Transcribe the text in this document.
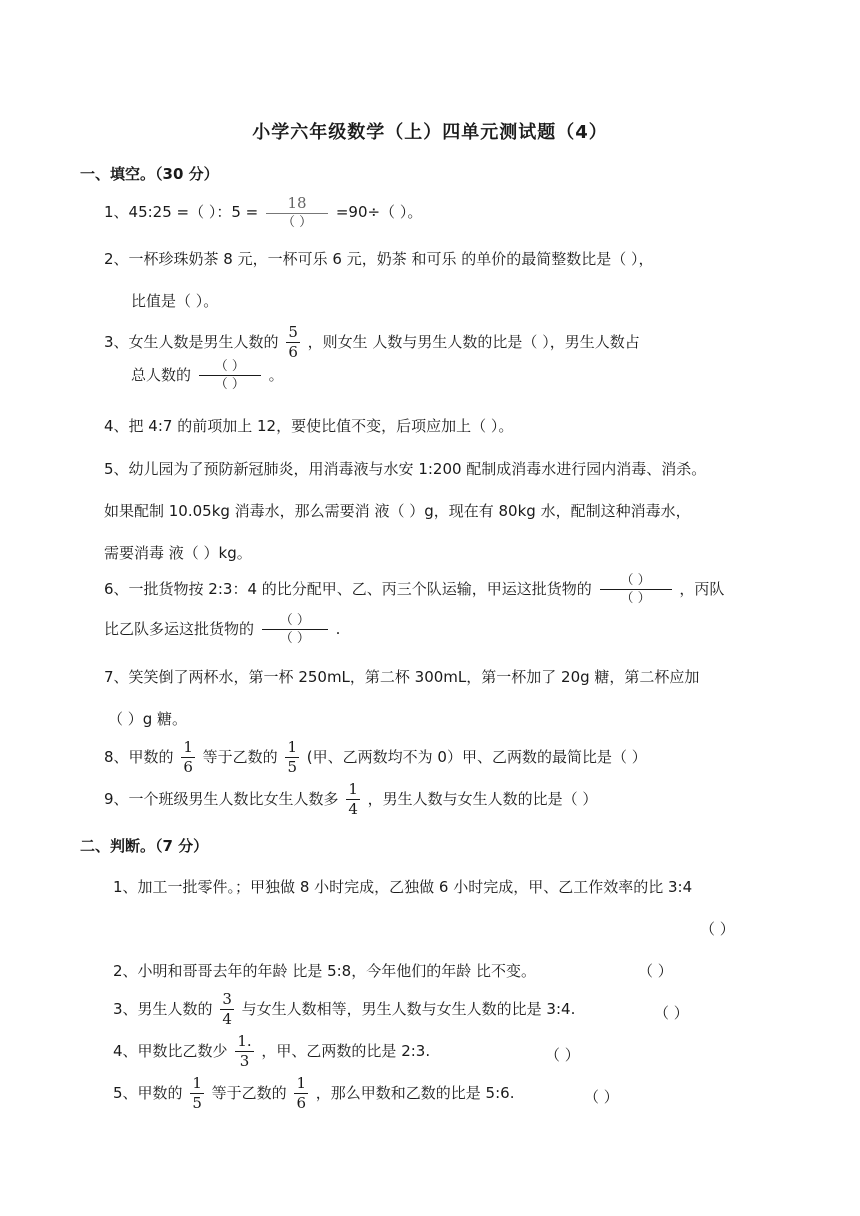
小学六年级数学（上）四单元测试题（4）
一、填空。（30 分）
1、45:25 =（ ）：$5 = \frac{18}{( )} =90\div$（ ）。
2、一杯珍珠奶茶 8 元，一杯可乐 6 元，奶茶 和可乐 的单价的最简整数比是（ ），
比值是（ ）。
3、女生人数是男生人数的 $\frac{5}{6}$ ，则女生 人数与男生人数的比是（ ），男生人数占
总人数的 $\frac{( )}{( )}$ 。
4、把 4:7 的前项加上 12，要使比值不变，后项应加上（ ）。
5、幼儿园为了预防新冠肺炎，用消毒液与水安 1:200 配制成消毒水进行园内消毒、消杀。
如果配制 10.05kg 消毒水，那么需要消 液（ ）g，现在有 80kg 水，配制这种消毒水，
需要消毒 液（ ）kg。
6、一批货物按 2:3：4 的比分配甲、乙、丙三个队运输，甲运这批货物的 $\frac{( )}{( )}$ ，丙队
比乙队多运这批货物的 $\frac{( )}{( )}$ .
7、笑笑倒了两杯水，第一杯 250mL，第二杯 300mL，第一杯加了 20g 糖，第二杯应加
（ ）g 糖。
8、甲数的 $\frac{1}{6}$ 等于乙数的 $\frac{1}{5}$ (甲、乙两数均不为 0）甲、乙两数的最简比是（ ）
9、一个班级男生人数比女生人数多 $\frac{1}{4}$ ，男生人数与女生人数的比是（ ）
二、判断。（7 分）
1、加工一批零件。；甲独做 8 小时完成，乙独做 6 小时完成，甲、乙工作效率的比 3:4
（ ）
2、小明和哥哥去年的年龄 比是 5:8，今年他们的年龄 比不变。	（ ）
3、男生人数的 $\frac{3}{4}$ 与女生人数相等，男生人数与女生人数的比是 3:4.	（ ）
4、甲数比乙数少 $\frac{1.}{3}$ ，甲、乙两数的比是 2:3.	（ ）
5、甲数的 $\frac{1}{5}$ 等于乙数的 $\frac{1}{6}$ ，那么甲数和乙数的比是 5:6.	（ ）
